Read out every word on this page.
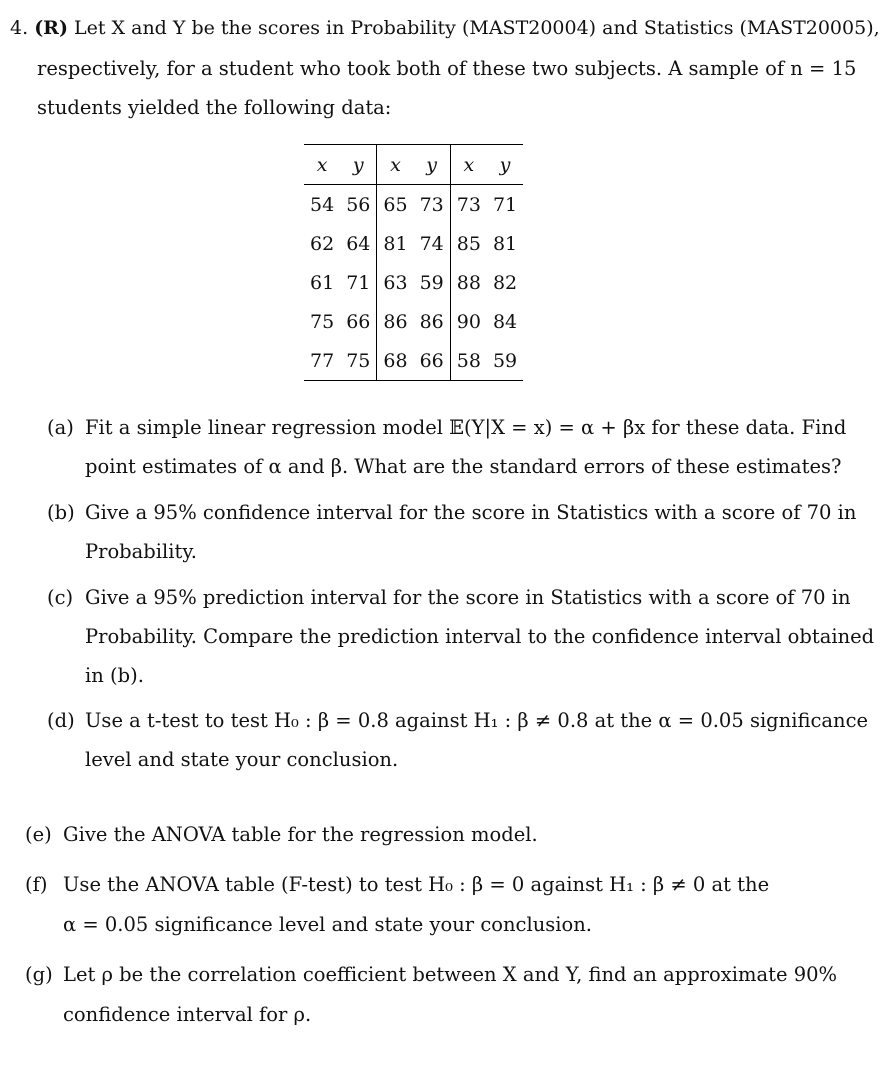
4. (R) Let X and Y be the scores in Probability (MAST20004) and Statistics (MAST20005),
respectively, for a student who took both of these two subjects. A sample of n = 15
students yielded the following data:
x	y	x	y	x	y
54	56	65	73	73	71
62	64	81	74	85	81
61	71	63	59	88	82
75	66	86	86	90	84
77	75	68	66	58	59
(a) Fit a simple linear regression model 𝔼(Y|X = x) = α + βx for these data. Find
point estimates of α and β. What are the standard errors of these estimates?
(b) Give a 95% confidence interval for the score in Statistics with a score of 70 in
Probability.
(c) Give a 95% prediction interval for the score in Statistics with a score of 70 in
Probability. Compare the prediction interval to the confidence interval obtained
in (b).
(d) Use a t-test to test H₀ : β = 0.8 against H₁ : β ≠ 0.8 at the α = 0.05 significance
level and state your conclusion.
(e) Give the ANOVA table for the regression model.
(f) Use the ANOVA table (F-test) to test H₀ : β = 0 against H₁ : β ≠ 0 at the
α = 0.05 significance level and state your conclusion.
(g) Let ρ be the correlation coefficient between X and Y, find an approximate 90%
confidence interval for ρ.
